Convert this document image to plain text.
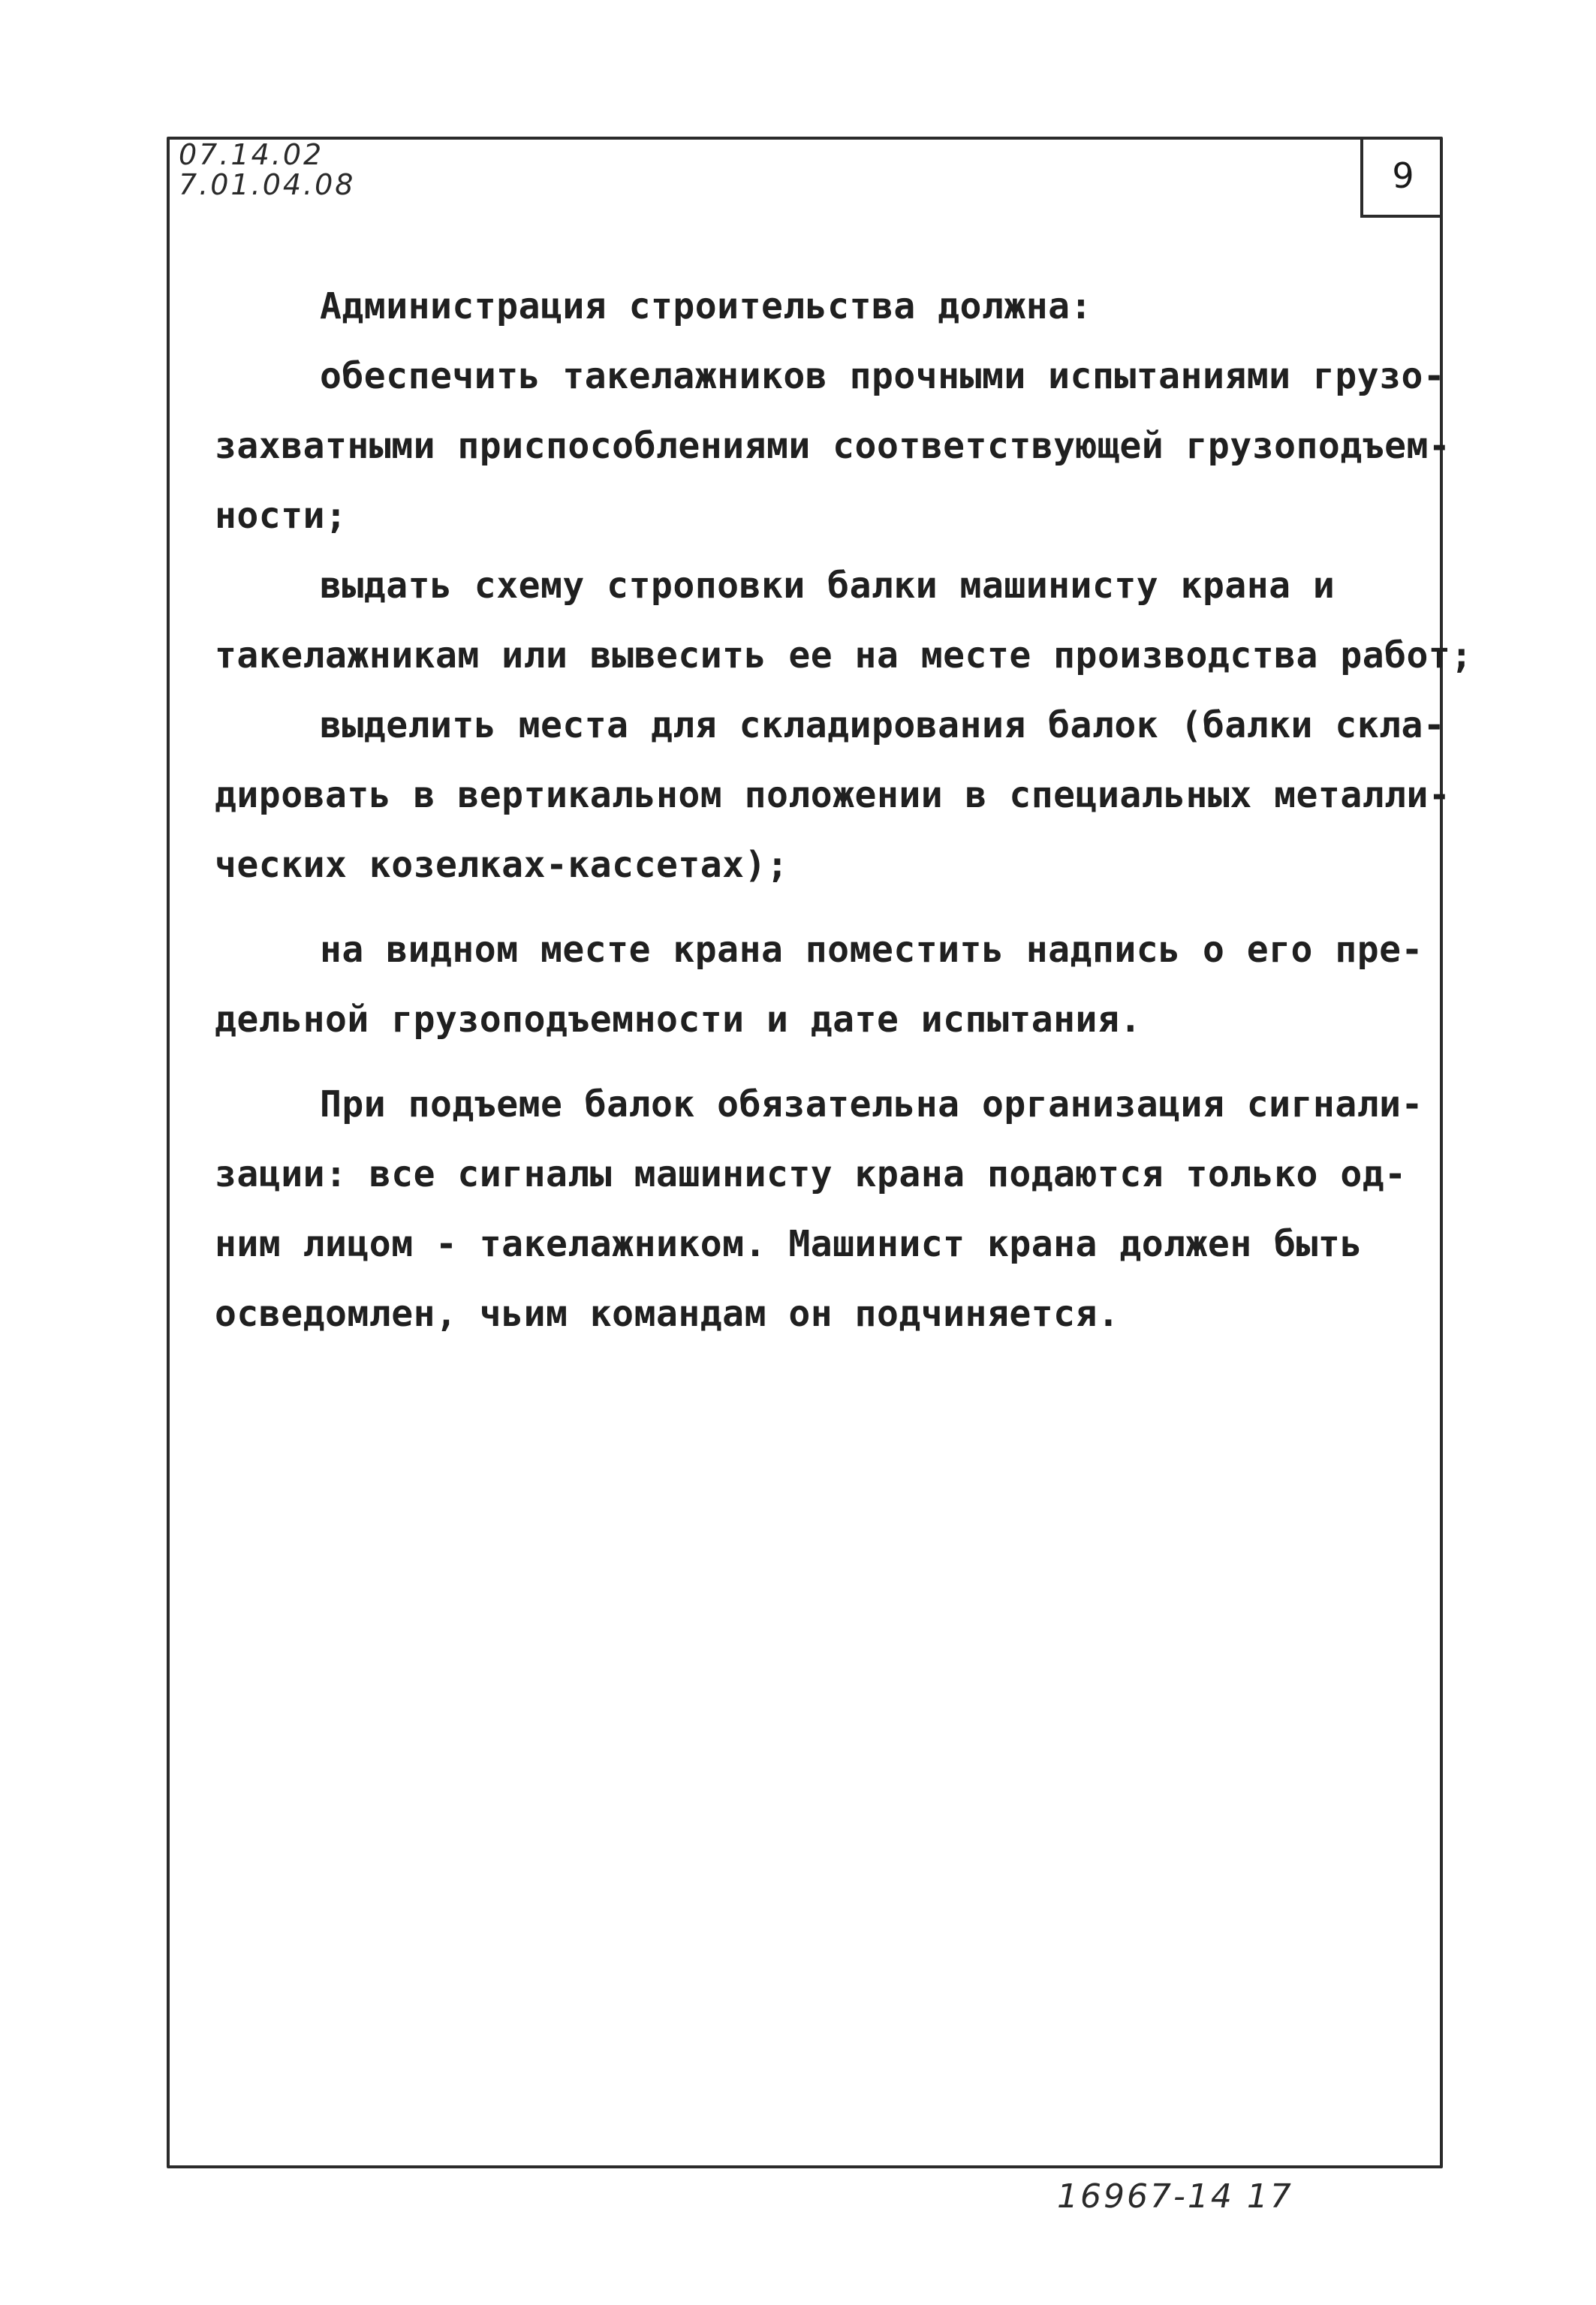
07.14.02
7.01.04.08	9
Администрация строительства должна:
обеспечить такелажников прочными испытаниями грузо-
захватными приспособлениями соответствующей грузоподъем-
ности;
выдать схему строповки балки машинисту крана и
такелажникам или вывесить ее на месте производства работ;
выделить места для складирования балок (балки скла-
дировать в вертикальном положении в специальных металли-
ческих козелках-кассетах);
на видном месте крана поместить надпись о его пре-
дельной грузоподъемности и дате испытания.
При подъеме балок обязательна организация сигнали-
зации: все сигналы машинисту крана подаются только од-
ним лицом - такелажником. Машинист крана должен быть
осведомлен, чьим командам он подчиняется.
16967-14 17
